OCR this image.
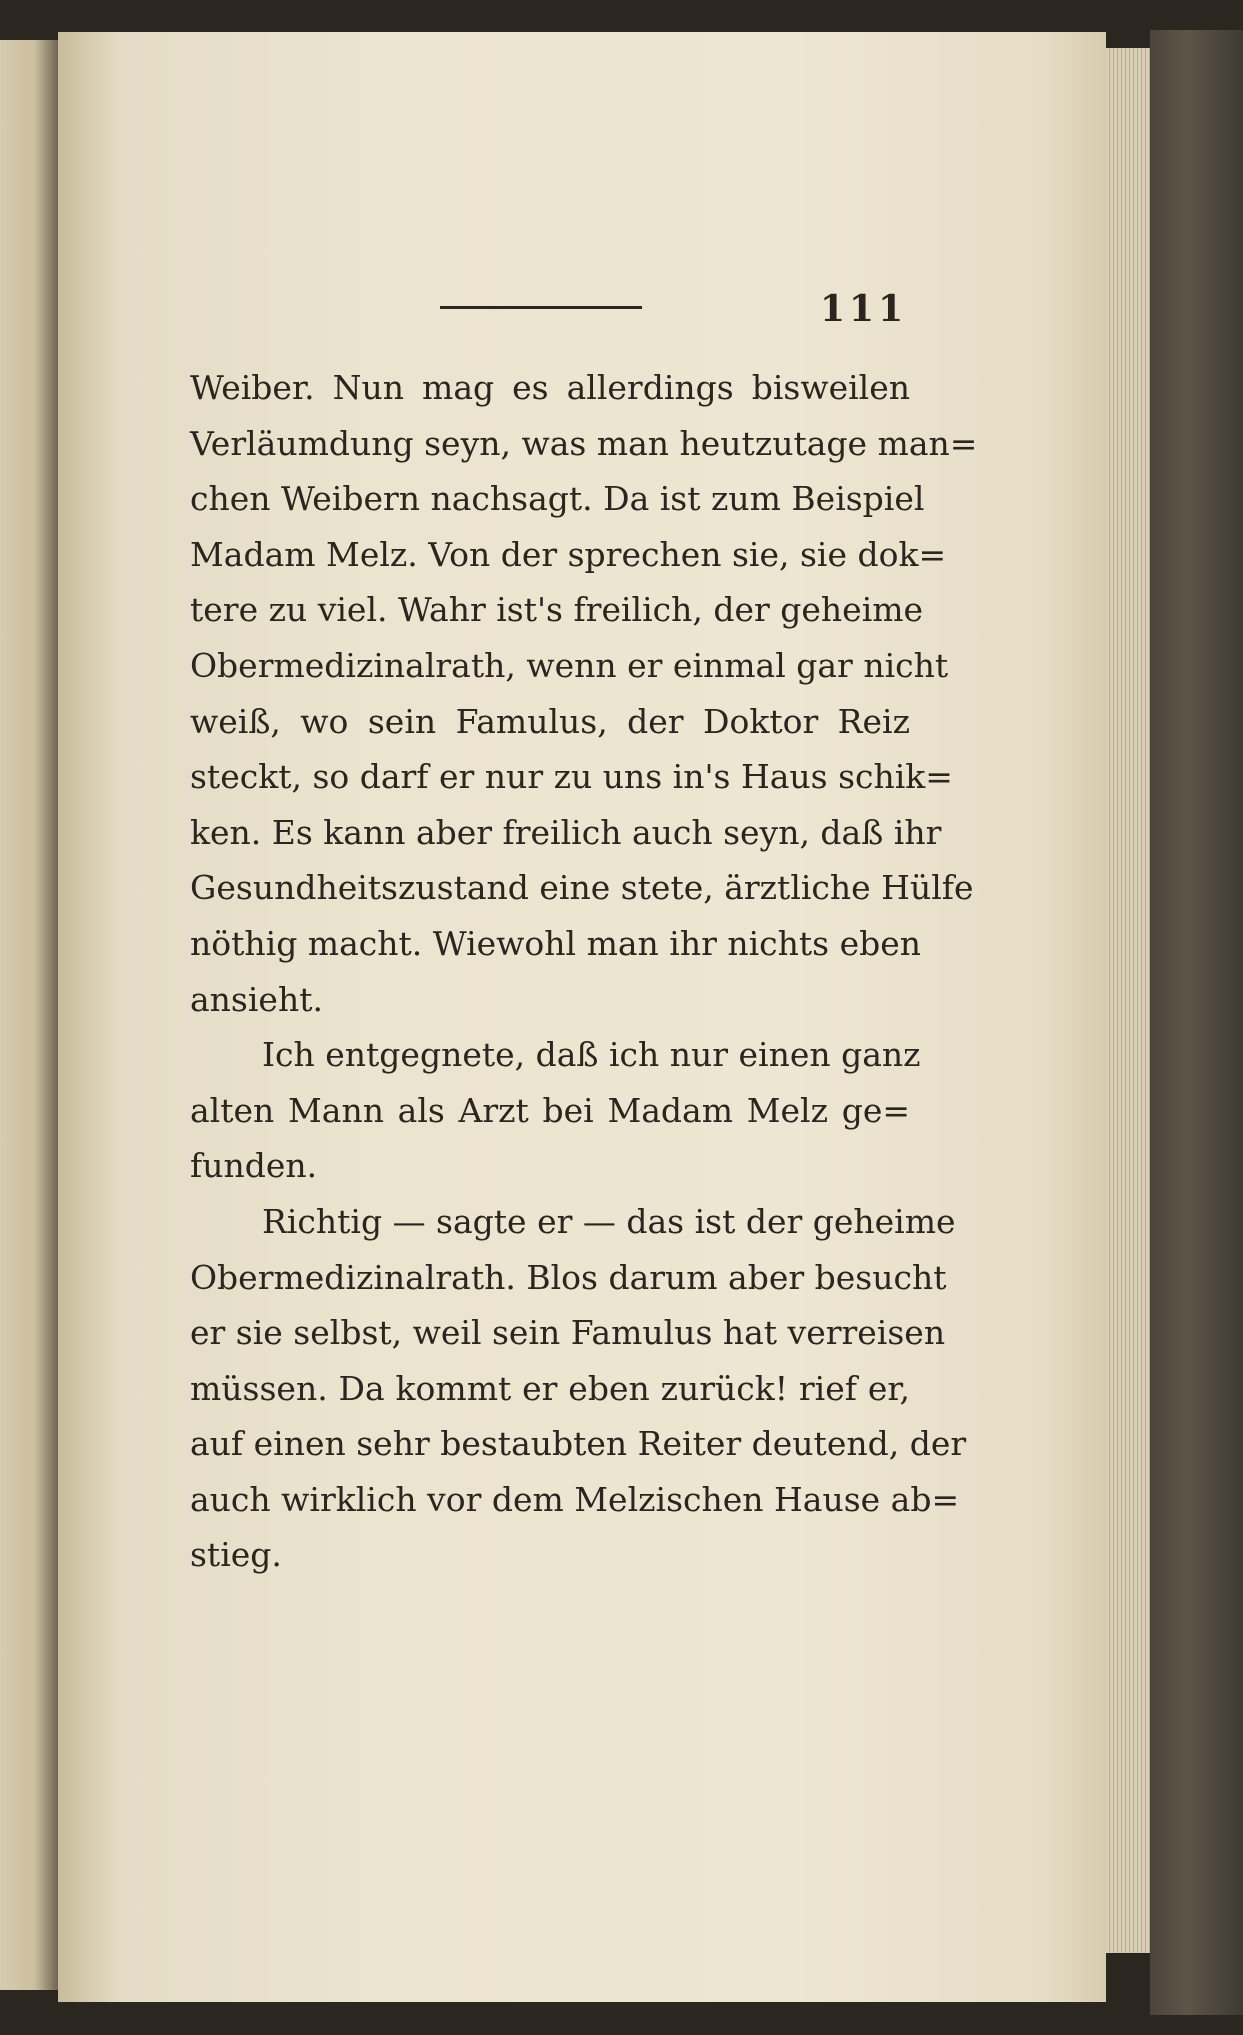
111
Weiber. Nun mag es allerdings bisweilen
Verläumdung seyn, was man heutzutage man=
chen Weibern nachsagt. Da ist zum Beispiel
Madam Melz. Von der sprechen sie, sie dok=
tere zu viel. Wahr ist's freilich, der geheime
Obermedizinalrath, wenn er einmal gar nicht
weiß, wo sein Famulus, der Doktor Reiz
steckt, so darf er nur zu uns in's Haus schik=
ken. Es kann aber freilich auch seyn, daß ihr
Gesundheitszustand eine stete, ärztliche Hülfe
nöthig macht. Wiewohl man ihr nichts eben
ansieht.
Ich entgegnete, daß ich nur einen ganz
alten Mann als Arzt bei Madam Melz ge=
funden.
Richtig — sagte er — das ist der geheime
Obermedizinalrath. Blos darum aber besucht
er sie selbst, weil sein Famulus hat verreisen
müssen. Da kommt er eben zurück! rief er,
auf einen sehr bestaubten Reiter deutend, der
auch wirklich vor dem Melzischen Hause ab=
stieg.
